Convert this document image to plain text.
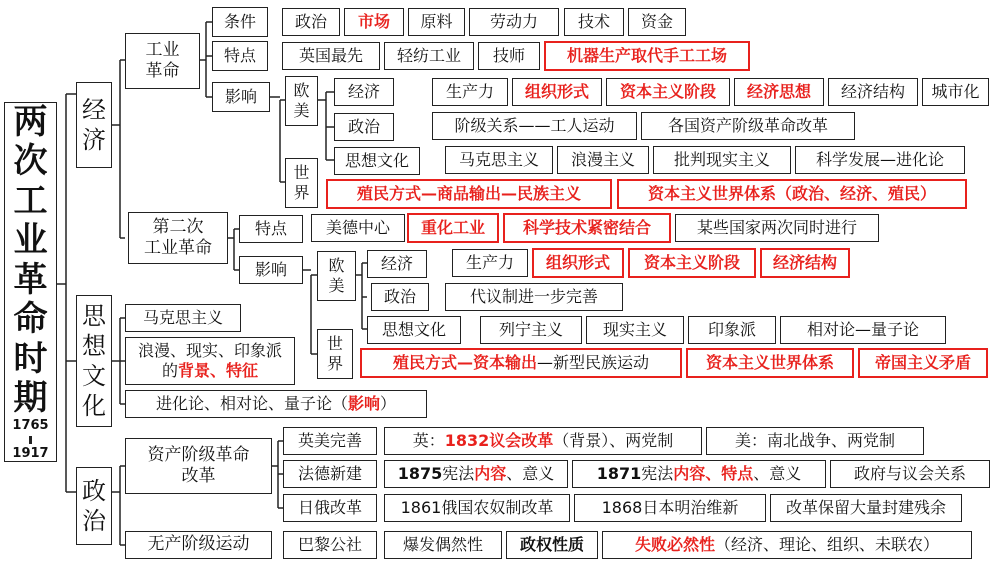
两
次
工
业
革
命
时
期
1765
1917
经
济
工业
革命
条件	政治	市场	原料	劳动力	技术	资金
特点	英国最先	轻纺工业	技师	机器生产取代手工工场
影响	欧
美
世
界
经济	生产力	组织形式	资本主义阶段	经济思想	经济结构	城市化
政治	阶级关系——工人运动	各国资产阶级革命改革
思想文化	马克思主义	浪漫主义	批判现实主义	科学发展—进化论
殖民方式—商品输出—民族主义	资本主义世界体系（政治、经济、殖民）
第二次
工业革命
特点	美德中心	重化工业	科学技术紧密结合	某些国家两次同时进行
影响	欧
美
世
界
经济	生产力	组织形式	资本主义阶段	经济结构
政治	代议制进一步完善
思想文化	列宁主义	现实主义	印象派	相对论—量子论
殖民方式—资本输出 —新型民族运动	资本主义世界体系	帝国主义矛盾
思
想
文
化
马克思主义
浪漫、现实、印象派
的背景、特征
进化论、相对论、量子论（ 影响 ）
政
治
资产阶级革命
改革
英美完善	英： 1832议会改革 （背景）、两党制	美：南北战争、两党制
法德新建	1875 宪法 内容 、意义	1871 宪法 内容、特点 、意义	政府与议会关系
日俄改革	1861俄国农奴制改革	1868日本明治维新	改革保留大量封建残余
无产阶级运动	巴黎公社	爆发偶然性	政权性质	失败必然性 （经济、理论、组织、未联农）
